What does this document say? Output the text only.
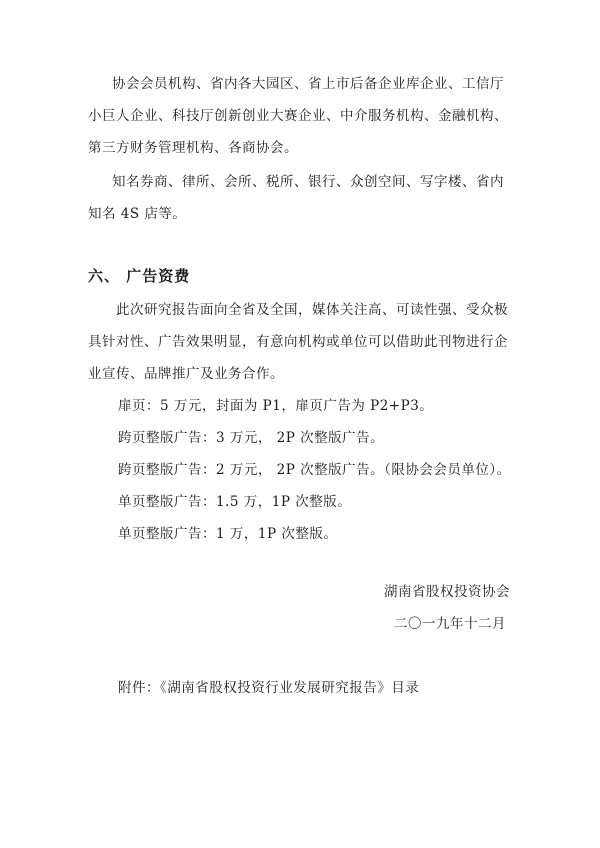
协会会员机构、省内各大园区、省上市后备企业库企业、工信厅
小巨人企业、科技厅创新创业大赛企业、中介服务机构、金融机构、
第三方财务管理机构、各商协会。
知名券商、律所、会所、税所、银行、众创空间、写字楼、省内
知名 4S 店等。
六、 广告资费
此次研究报告面向全省及全国，媒体关注高、可读性强、受众极
具针对性、广告效果明显，有意向机构或单位可以借助此刊物进行企
业宣传、品牌推广及业务合作。
扉页：5 万元，封面为 P1，扉页广告为 P2+P3。
跨页整版广告：3 万元， 2P 次整版广告。
跨页整版广告：2 万元， 2P 次整版广告。（限协会会员单位）。
单页整版广告：1.5 万，1P 次整版。
单页整版广告：1 万，1P 次整版。
湖南省股权投资协会
二〇一九年十二月
附件：《湖南省股权投资行业发展研究报告》目录
